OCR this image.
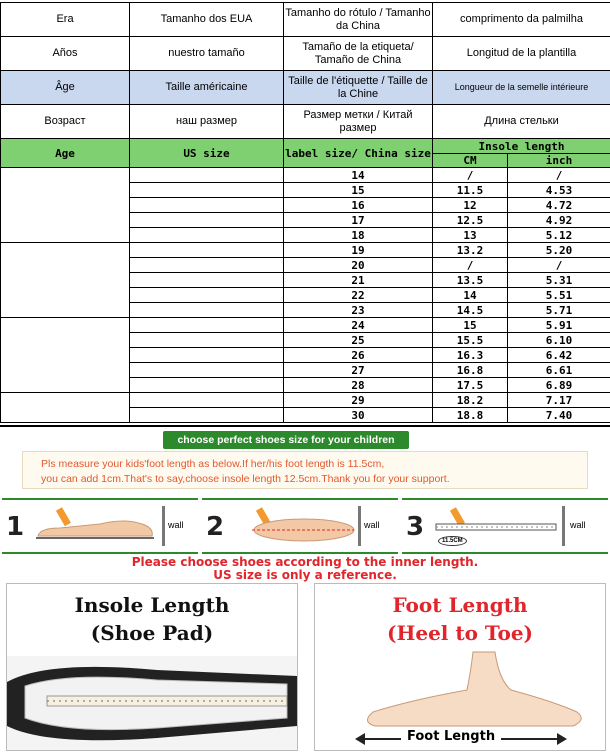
Era	Tamanho dos EUA	Tamanho do rótulo / Tamanho da China	comprimento da palmilha
Años	nuestro tamaño	Tamaño de la etiqueta/ Tamaño de China	Longitud de la plantilla
Âge	Taille américaine	Taille de l'étiquette / Taille de la Chine	Longueur de la semelle intérieure
Возраст	наш размер	Размер метки / Китай размер	Длина стельки
Age	US size	label size/ China size	Insole length	
			CM	inch
		14	/	/
		15	11.5	4.53
		16	12	4.72
		17	12.5	4.92
		18	13	5.12
		19	13.2	5.20
		20	/	/
		21	13.5	5.31
		22	14	5.51
		23	14.5	5.71
		24	15	5.91
		25	15.5	6.10
		26	16.3	6.42
		27	16.8	6.61
		28	17.5	6.89
		29	18.2	7.17
		30	18.8	7.40
choose perfect shoes size for your children
Pls measure your kids'foot length as below.If her/his foot length is 11.5cm,
you can add 1cm.That's to say,choose insole length 12.5cm.Thank you for your support.
1	wall 2	wall 3	11.5CM
wall
Please choose shoes according to the inner length.
US size is only a reference.
Insole Length
(Shoe Pad)
Foot Length
(Heel to Toe)
Foot Length
